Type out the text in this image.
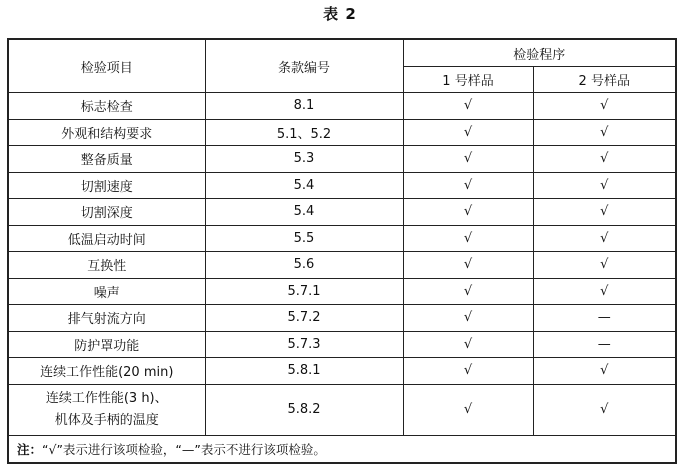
表 2
检验项目	条款编号	检验程序	
		1 号样品	2 号样品
标志检查	8.1	√	√
外观和结构要求	5.1、5.2	√	√
整备质量	5.3	√	√
切割速度	5.4	√	√
切割深度	5.4	√	√
低温启动时间	5.5	√	√
互换性	5.6	√	√
噪声	5.7.1	√	√
排气射流方向	5.7.2	√	—
防护罩功能	5.7.3	√	—
连续工作性能(20 min)	5.8.1	√	√

连续工作性能(3 h)、
机体及手柄的温度	5.8.2	√	√
注：“√”表示进行该项检验，“—”表示不进行该项检验。			
